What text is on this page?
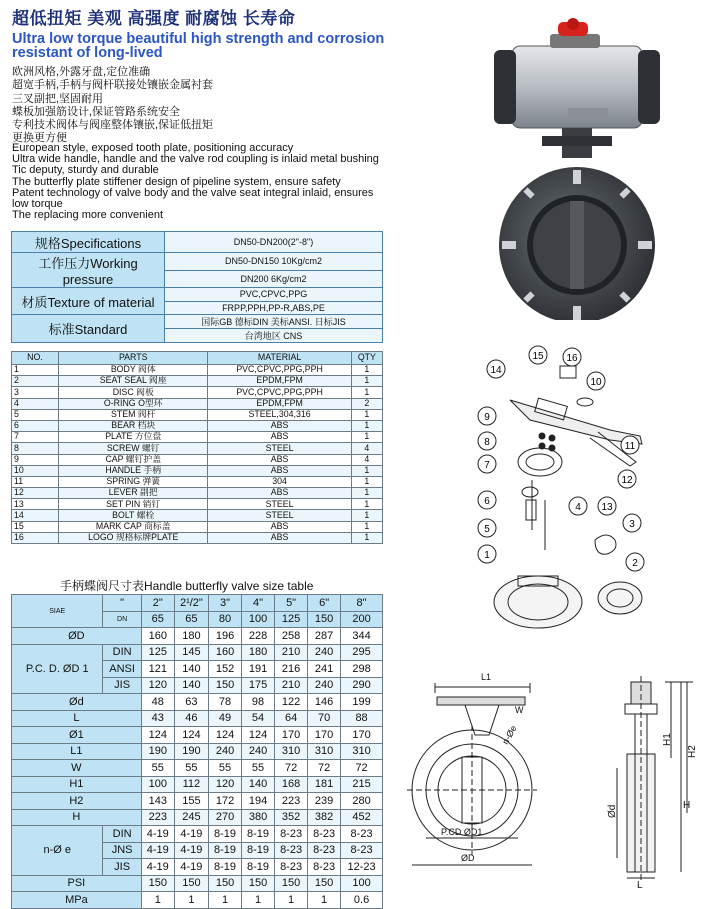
超低扭矩 美观 高强度 耐腐蚀 长寿命
Ultra low torque beautiful high strength and corrosion resistant of long-lived
欧洲风格,外露牙盘,定位准确
超宽手柄,手柄与阀杆联接处镶嵌金属衬套
三叉副把,坚固耐用
蝶板加强筋设计,保证管路系统安全
专利技术阀体与阀座整体镶嵌,保证低扭矩
更换更方便
European style, exposed tooth plate, positioning accuracy
Ultra wide handle, handle and the valve rod coupling is inlaid metal bushing
Tic deputy, sturdy and durable
The butterfly plate stiffener design of pipeline system, ensure safety
Patent technology of valve body and the valve seat integral inlaid, ensures
low torque
The replacing more convenient
1
2
3
4
5
6
7
8
9
10
11
12
13
14
15 16
L1
W
n-Øe
P.CD ØD1
ØD
H1
H2
H
Ød
L
规格Specifications	DN50-DN200(2"-8")
工作压力Working pressure	DN50-DN150 10Kg/cm2
	DN200 6Kg/cm2
材质Texture of material	PVC,CPVC,PPG
	FRPP,PPH,PP-R,ABS,PE
标准Standard	国际GB 德标DIN 美标ANSI. 日标JIS
	台湾地区 CNS
NO.	PARTS	MATERIAL	QTY
1	BODY 阀体	PVC,CPVC,PPG,PPH	1
2	SEAT SEAL 阀座	EPDM,FPM	1
3	DISC 阀板	PVC,CPVC,PPG,PPH	1
4	O-RING O型环	EPDM,FPM	2
5	STEM 阀杆	STEEL,304,316	1
6	BEAR 档块	ABS	1
7	PLATE 方位盘	ABS	1
8	SCREW 螺钉	STEEL	4
9	CAP 螺钉护盖	ABS	4
10	HANDLE 手柄	ABS	1
11	SPRING 弹簧	304	1
12	LEVER 副把	ABS	1
13	SET PIN 销钉	STEEL	1
14	BOLT 螺栓	STEEL	1
15	MARK CAP 商标盖	ABS	1
16	LOGO 规格标牌PLATE	ABS	1
手柄蝶阀尺寸表Handle butterfly valve size table
SIAE	"	2"	2¹/2"	3"	4"	5"	6"	8"
	DN	65	65	80	100	125	150	200
ØD		160	180	196	228	258	287	344
P.C. D. ØD 1	DIN	125	145	160	180	210	240	295
	ANSI	121	140	152	191	216	241	298
	JIS	120	140	150	175	210	240	290
Ød		48	63	78	98	122	146	199
L		43	46	49	54	64	70	88
Ø1		124	124	124	124	170	170	170
L1		190	190	240	240	310	310	310
W		55	55	55	55	72	72	72
H1		100	112	120	140	168	181	215
H2		143	155	172	194	223	239	280
H		223	245	270	380	352	382	452
n-Ø e	DIN	4-19	4-19	8-19	8-19	8-23	8-23	8-23
	JNS	4-19	4-19	8-19	8-19	8-23	8-23	8-23
	JIS	4-19	4-19	8-19	8-19	8-23	8-23	12-23
PSI		150	150	150	150	150	150	100
MPa		1	1	1	1	1	1	0.6
